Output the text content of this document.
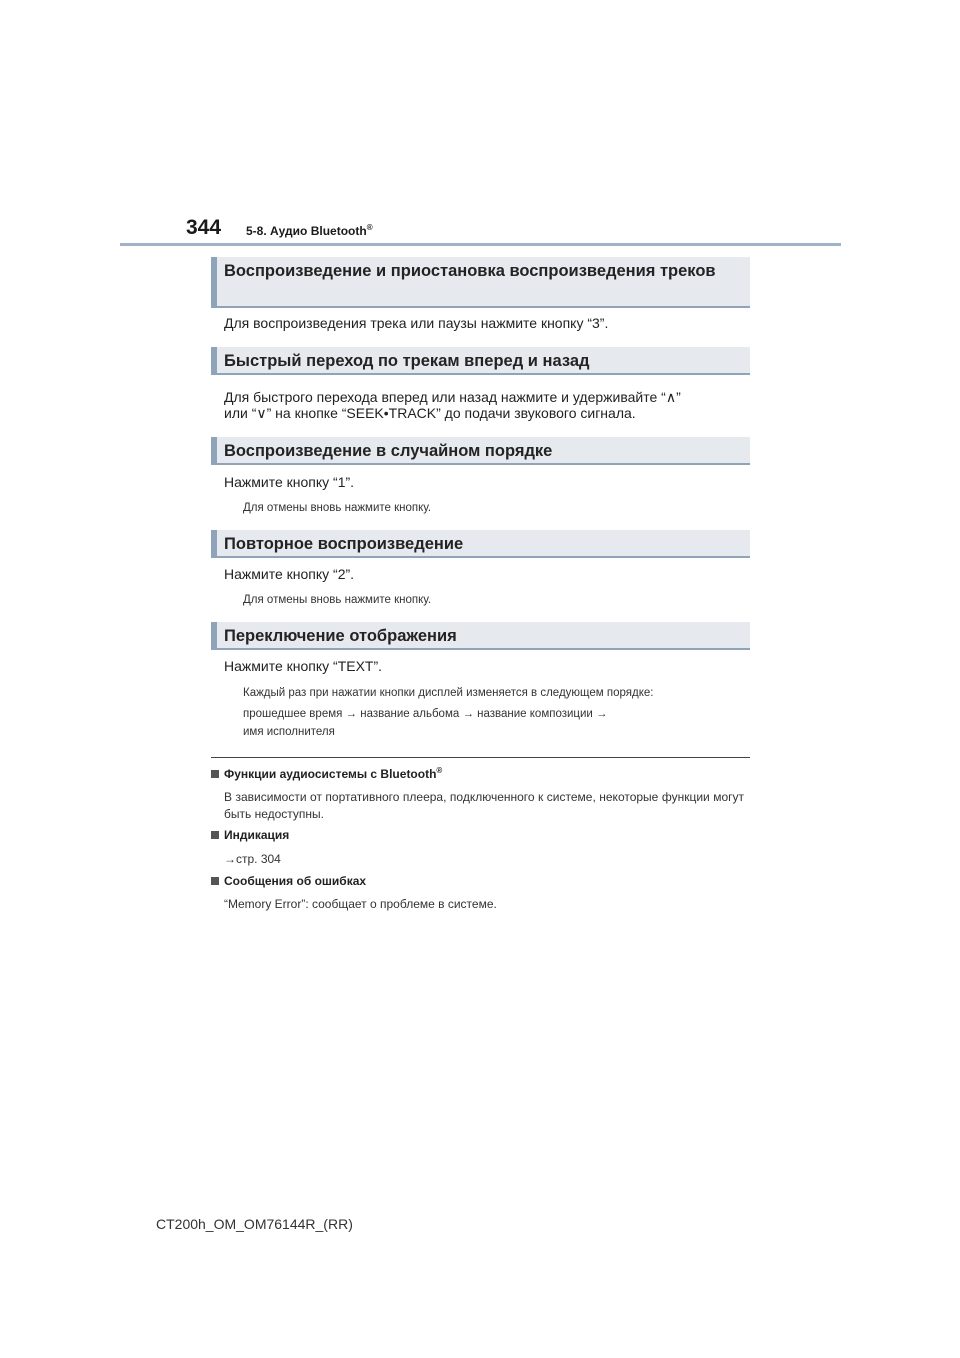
344 5-8. Аудио Bluetooth®
Воспроизведение и приостановка воспроизведения треков
Для воспроизведения трека или паузы нажмите кнопку “3”.
Быстрый переход по трекам вперед и назад
Для быстрого перехода вперед или назад нажмите и удерживайте “∧”
или “∨” на кнопке “SEEK•TRACK” до подачи звукового сигнала.
Воспроизведение в случайном порядке
Нажмите кнопку “1”.
Для отмены вновь нажмите кнопку.
Повторное воспроизведение
Нажмите кнопку “2”.
Для отмены вновь нажмите кнопку.
Переключение отображения
Нажмите кнопку “TEXT”.
Каждый раз при нажатии кнопки дисплей изменяется в следующем порядке:
прошедшее время → название альбома → название композиции →
имя исполнителя
Функции аудиосистемы с Bluetooth®
В зависимости от портативного плеера, подключенного к системе, некоторые функции могут быть недоступны.
Индикация
→стр. 304
Сообщения об ошибках
“Memory Error”: сообщает о проблеме в системе.
CT200h_OM_OM76144R_(RR)
